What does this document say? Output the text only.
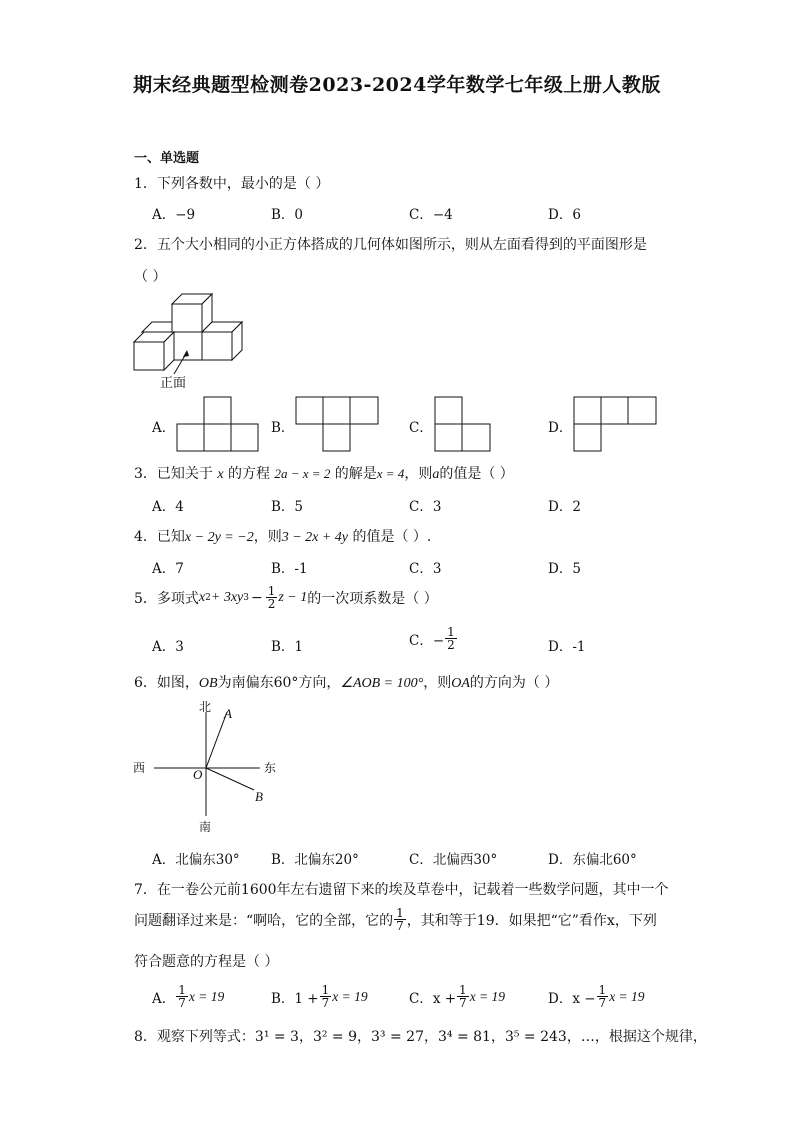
期末经典题型检测卷2023-2024学年数学七年级上册人教版
一、单选题
1．下列各数中，最小的是（ ）
A．−9	B．0	C．−4	D．6
2．五个大小相同的小正方体搭成的几何体如图所示，则从左面看得到的平面图形是
（ ）
正面
A．	B．	C．	D．
3．已知关于 x 的方程 2a − x = 2 的解是x = 4，则a的值是（ ）
A．4	B．5	C．3	D．2
4．已知x − 2y = −2，则3 − 2x + 4y 的值是（ ）.
A．7	B．-1	C．3	D．5
5．多项式 x 2 + 3xy $3 - \frac{1}{2}$ z − 1 的一次项系数是（ ）
A．3	B．1	C．− $\frac{1}{2}$	D．-1
6．如图，OB为南偏东60°方向，∠AOB = 100°，则OA的方向为（ ）
北
南
东
西	O
A
B
A．北偏东30° B．北偏东20°	C．北偏西30°	D．东偏北60°
7．在一卷公元前1600年左右遗留下来的埃及草卷中，记载着一些数学问题，其中一个
问题翻译过来是：“啊哈，它的全部，它的 $\frac{1}{7}$ ，其和等于19．如果把“它”看作x，下列
符合题意的方程是（ ）
A． $\frac{1}{7}$ x = 19	B．$1 + \frac{1}{7}$ x = 19	C．$x + \frac{1}{7}$ x = 19	D．$x - \frac{1}{7}$ x = 19
8．观察下列等式：3¹ = 3，3² = 9，3³ = 27，3⁴ = 81，3⁵ = 243，…，根据这个规律，
